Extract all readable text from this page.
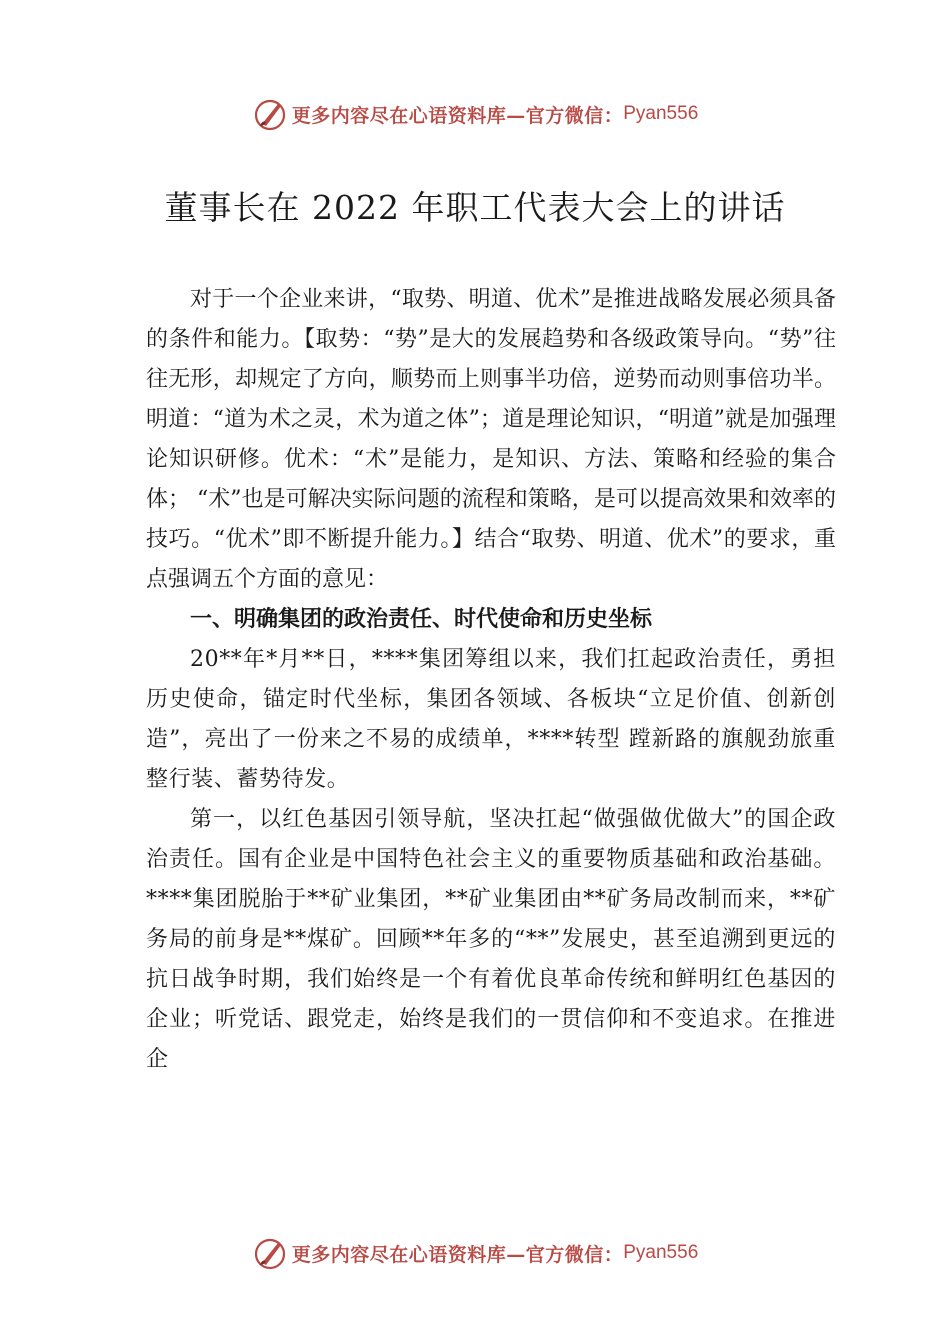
更多内容尽在心语资料库—官方微信： Pyan556
董事长在 2022 年职工代表大会上的讲话

对于一个企业来讲，“取势、明道、优术”是推进战略发展必须具备的条件和能力。【取势：“势”是大的发展趋势和各级政策导向。“势”往往无形，却规定了方向，顺势而上则事半功倍，逆势而动则事倍功半。明道：“道为术之灵，术为道之体”；道是理论知识，“明道”就是加强理论知识研修。优术：“术”是能力，是知识、方法、策略和经验的集合体； “术”也是可解决实际问题的流程和策略，是可以提高效果和效率的技巧。“优术”即不断提升能力。】结合“取势、明道、优术”的要求，重点强调五个方面的意见：

一、明确集团的政治责任、时代使命和历史坐标

20**年*月**日，****集团筹组以来，我们扛起政治责任，勇担历史使命，锚定时代坐标，集团各领域、各板块“立足价值、创新创造”，亮出了一份来之不易的成绩单，****转型 蹚新路的旗舰劲旅重整行装、蓄势待发。

第一，以红色基因引领导航，坚决扛起“做强做优做大”的国企政治责任。国有企业是中国特色社会主义的重要物质基础和政治基础。****集团脱胎于**矿业集团，**矿业集团由**矿务局改制而来，**矿务局的前身是**煤矿。回顾**年多的“**”发展史，甚至追溯到更远的抗日战争时期，我们始终是一个有着优良革命传统和鲜明红色基因的企业；听党话、跟党走，始终是我们的一贯信仰和不变追求。在推进企

更多内容尽在心语资料库—官方微信： Pyan556
